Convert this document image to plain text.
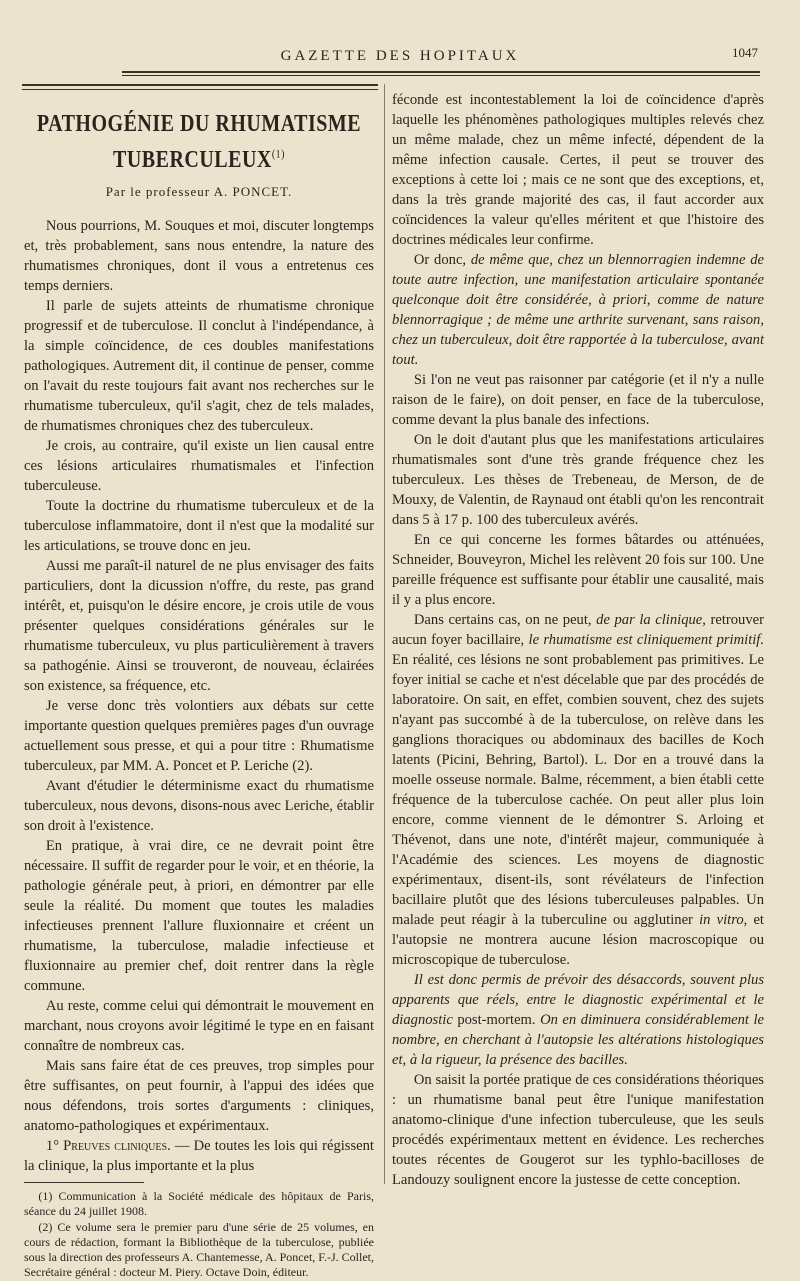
GAZETTE DES HOPITAUX	1047
PATHOGÉNIE DU RHUMATISME TUBERCULEUX$^{(1)}$
Par le professeur A. PONCET.

Nous pourrions, M. Souques et moi, discuter longtemps et, très probablement, sans nous entendre, la nature des rhumatismes chroniques, dont il vous a entretenus ces temps derniers.

Il parle de sujets atteints de rhumatisme chronique progressif et de tuberculose. Il conclut à l'indépendance, à la simple coïncidence, de ces doubles manifestations pathologiques. Autrement dit, il continue de penser, comme on l'avait du reste toujours fait avant nos recherches sur le rhumatisme tuberculeux, qu'il s'agit, chez de tels malades, de rhumatismes chroniques chez des tuberculeux.

Je crois, au contraire, qu'il existe un lien causal entre ces lésions articulaires rhumatismales et l'infection tuberculeuse.

Toute la doctrine du rhumatisme tuberculeux et de la tuberculose inflammatoire, dont il n'est que la modalité sur les articulations, se trouve donc en jeu.

Aussi me paraît-il naturel de ne plus envisager des faits particuliers, dont la dicussion n'offre, du reste, pas grand intérêt, et, puisqu'on le désire encore, je crois utile de vous présenter quelques considérations générales sur le rhumatisme tuberculeux, vu plus particulièrement à travers sa pathogénie. Ainsi se trouveront, de nouveau, éclairées son existence, sa fréquence, etc.

Je verse donc très volontiers aux débats sur cette importante question quelques premières pages d'un ouvrage actuellement sous presse, et qui a pour titre : Rhumatisme tuberculeux, par MM. A. Poncet et P. Leriche (2).

Avant d'étudier le déterminisme exact du rhumatisme tuberculeux, nous devons, disons-nous avec Leriche, établir son droit à l'existence.

En pratique, à vrai dire, ce ne devrait point être nécessaire. Il suffit de regarder pour le voir, et en théorie, la pathologie générale peut, à priori, en démontrer par elle seule la réalité. Du moment que toutes les maladies infectieuses prennent l'allure fluxionnaire et créent un rhumatisme, la tuberculose, maladie infectieuse et fluxionnaire au premier chef, doit rentrer dans la règle commune.

Au reste, comme celui qui démontrait le mouvement en marchant, nous croyons avoir légitimé le type en en faisant connaître de nombreux cas.

Mais sans faire état de ces preuves, trop simples pour être suffisantes, on peut fournir, à l'appui des idées que nous défendons, trois sortes d'arguments : cliniques, anatomo-pathologiques et expérimentaux.

1° Preuves cliniques. — De toutes les lois qui régissent la clinique, la plus importante et la plus

(1) Communication à la Société médicale des hôpitaux de Paris, séance du 24 juillet 1908.

(2) Ce volume sera le premier paru d'une série de 25 volumes, en cours de rédaction, formant la Bibliothèque de la tuberculose, publiée sous la direction des professeurs A. Chantemesse, A. Poncet, F.-J. Collet, Secrétaire général : docteur M. Piery. Octave Doin, éditeur.

féconde est incontestablement la loi de coïncidence d'après laquelle les phénomènes pathologiques multiples relevés chez un même malade, chez un même infecté, dépendent de la même infection causale. Certes, il peut se trouver des exceptions à cette loi ; mais ce ne sont que des exceptions, et, dans la très grande majorité des cas, il faut accorder aux coïncidences la valeur qu'elles méritent et que l'histoire des doctrines médicales leur confirme.

Or donc, de même que, chez un blennorragien indemne de toute autre infection, une manifestation articulaire spontanée quelconque doit être considérée, à priori, comme de nature blennorragique ; de même une arthrite survenant, sans raison, chez un tuberculeux, doit être rapportée à la tuberculose, avant tout.

Si l'on ne veut pas raisonner par catégorie (et il n'y a nulle raison de le faire), on doit penser, en face de la tuberculose, comme devant la plus banale des infections.

On le doit d'autant plus que les manifestations articulaires rhumatismales sont d'une très grande fréquence chez les tuberculeux. Les thèses de Trebeneau, de Merson, de de Mouxy, de Valentin, de Raynaud ont établi qu'on les rencontrait dans 5 à 17 p. 100 des tuberculeux avérés.

En ce qui concerne les formes bâtardes ou atténuées, Schneider, Bouveyron, Michel les relèvent 20 fois sur 100. Une pareille fréquence est suffisante pour établir une causalité, mais il y a plus encore.

Dans certains cas, on ne peut, de par la clinique, retrouver aucun foyer bacillaire, le rhumatisme est cliniquement primitif. En réalité, ces lésions ne sont probablement pas primitives. Le foyer initial se cache et n'est décelable que par des procédés de laboratoire. On sait, en effet, combien souvent, chez des sujets n'ayant pas succombé à de la tuberculose, on relève dans les ganglions thoraciques ou abdominaux des bacilles de Koch latents (Picini, Behring, Bartol). L. Dor en a trouvé dans la moelle osseuse normale. Balme, récemment, a bien établi cette fréquence de la tuberculose cachée. On peut aller plus loin encore, comme viennent de le démontrer S. Arloing et Thévenot, dans une note, d'intérêt majeur, communiquée à l'Académie des sciences. Les moyens de diagnostic expérimentaux, disent-ils, sont révélateurs de l'infection bacillaire plutôt que des lésions tuberculeuses palpables. Un malade peut réagir à la tuberculine ou agglutiner in vitro, et l'autopsie ne montrera aucune lésion macroscopique ou microscopique de tuberculose.

Il est donc permis de prévoir des désaccords, souvent plus apparents que réels, entre le diagnostic expérimental et le diagnostic post-mortem. On en diminuera considérablement le nombre, en cherchant à l'autopsie les altérations histologiques et, à la rigueur, la présence des bacilles.

On saisit la portée pratique de ces considérations théoriques : un rhumatisme banal peut être l'unique manifestation anatomo-clinique d'une infection tuberculeuse, que les seuls procédés expérimentaux mettent en évidence. Les recherches toutes récentes de Gougerot sur les typhlo-bacilloses de Landouzy soulignent encore la justesse de cette conception.
